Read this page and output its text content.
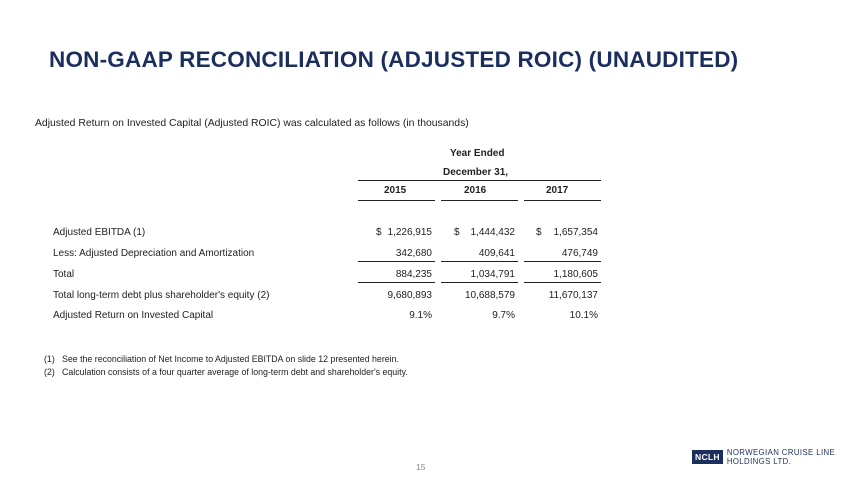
NON-GAAP RECONCILIATION (ADJUSTED ROIC) (UNAUDITED)
Adjusted Return on Invested Capital (Adjusted ROIC) was calculated as follows (in thousands)
Year Ended
December 31,
2015	2016	2017
Adjusted EBITDA (1)	$ 1,226,915 $ 1,444,432 $ 1,657,354
Less: Adjusted Depreciation and Amortization	342,680	409,641	476,749
Total	884,235	1,034,791	1,180,605
Total long-term debt plus shareholder's equity (2)	9,680,893	10,688,579	11,670,137
Adjusted Return on Invested Capital	9.1%	9.7%	10.1%
(1) See the reconciliation of Net Income to Adjusted EBITDA on slide 12 presented herein.
(2) Calculation consists of a four quarter average of long-term debt and shareholder's equity.
15
NCLH NORWEGIAN CRUISE LINE
HOLDINGS LTD.
